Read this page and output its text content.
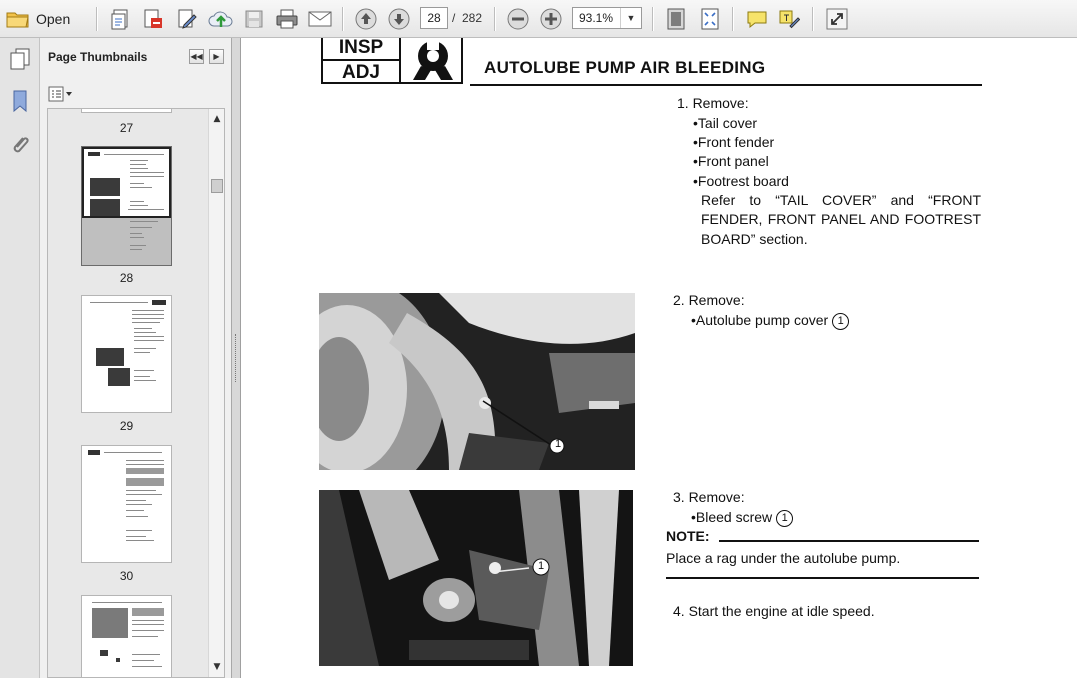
Open	28 /  282	93.1%	▼
Page Thumbnails	◀◀ ▶
27
28
29
30
▲
▼
INSP
ADJ	AUTOLUBE PUMP AIR BLEEDING
1. Remove:
•Tail cover
•Front fender
•Front panel
•Footrest board
Refer to “TAIL COVER” and “FRONT
FENDER, FRONT PANEL AND FOOTREST
BOARD” section.
1
2. Remove:
•Autolube pump cover 1
1
3. Remove:
•Bleed screw 1
NOTE:
Place a rag under the autolube pump.
4. Start the engine at idle speed.
